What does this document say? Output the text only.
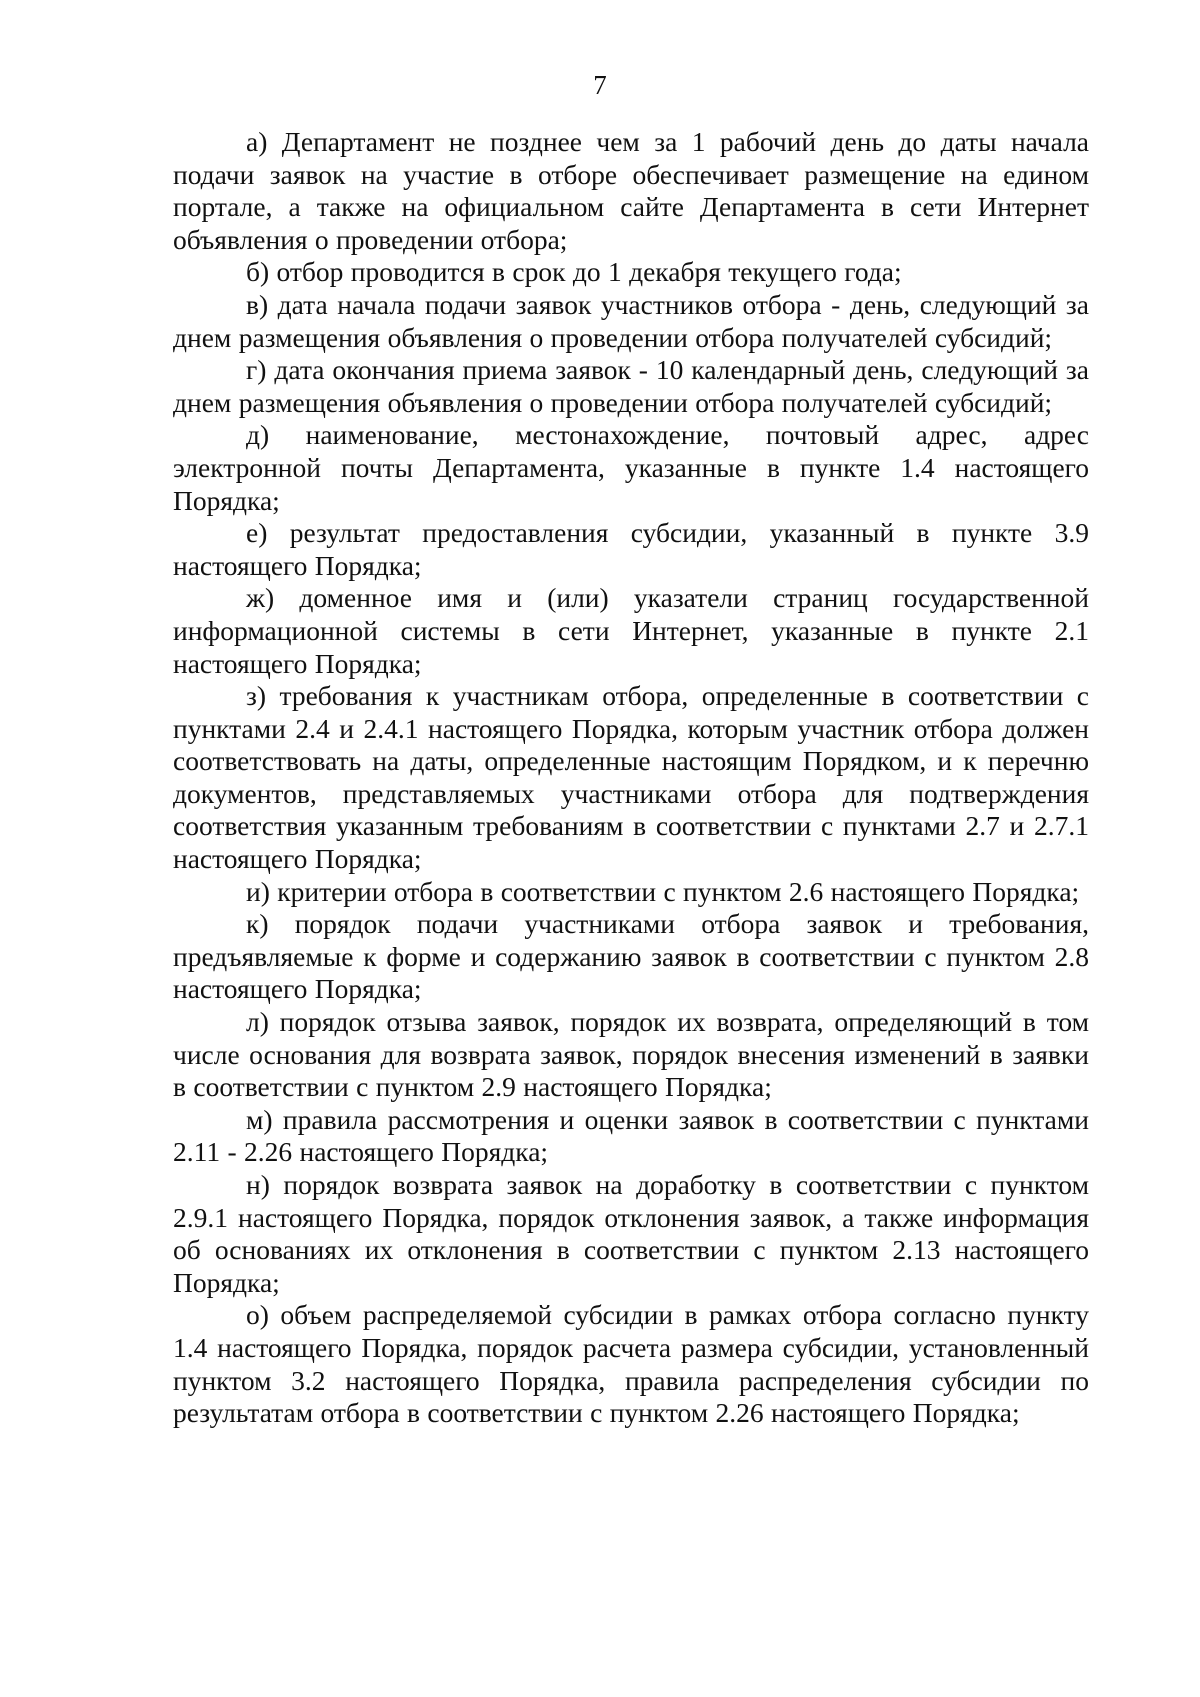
7

а) Департамент не позднее чем за 1 рабочий день до даты начала подачи заявок на участие в отборе обеспечивает размещение на едином портале, а также на официальном сайте Департамента в сети Интернет объявления о проведении отбора;

б) отбор проводится в срок до 1 декабря текущего года;

в) дата начала подачи заявок участников отбора - день, следующий за днем размещения объявления о проведении отбора получателей субсидий;

г) дата окончания приема заявок - 10 календарный день, следующий за днем размещения объявления о проведении отбора получателей субсидий;

д) наименование, местонахождение, почтовый адрес, адрес электронной почты Департамента, указанные в пункте 1.4 настоящего Порядка;

е) результат предоставления субсидии, указанный в пункте 3.9 настоящего Порядка;

ж) доменное имя и (или) указатели страниц государственной информационной системы в сети Интернет, указанные в пункте 2.1 настоящего Порядка;

з) требования к участникам отбора, определенные в соответствии с пунктами 2.4 и 2.4.1 настоящего Порядка, которым участник отбора должен соответствовать на даты, определенные настоящим Порядком, и к перечню документов, представляемых участниками отбора для подтверждения соответствия указанным требованиям в соответствии с пунктами 2.7 и 2.7.1 настоящего Порядка;

и) критерии отбора в соответствии с пунктом 2.6 настоящего Порядка;

к) порядок подачи участниками отбора заявок и требования, предъявляемые к форме и содержанию заявок в соответствии с пунктом 2.8 настоящего Порядка;

л) порядок отзыва заявок, порядок их возврата, определяющий в том числе основания для возврата заявок, порядок внесения изменений в заявки в соответствии с пунктом 2.9 настоящего Порядка;

м) правила рассмотрения и оценки заявок в соответствии с пунктами 2.11 - 2.26 настоящего Порядка;

н) порядок возврата заявок на доработку в соответствии с пунктом 2.9.1 настоящего Порядка, порядок отклонения заявок, а также информация об основаниях их отклонения в соответствии с пунктом 2.13 настоящего Порядка;

о) объем распределяемой субсидии в рамках отбора согласно пункту 1.4 настоящего Порядка, порядок расчета размера субсидии, установленный пунктом 3.2 настоящего Порядка, правила распределения субсидии по результатам отбора в соответствии с пунктом 2.26 настоящего Порядка;
